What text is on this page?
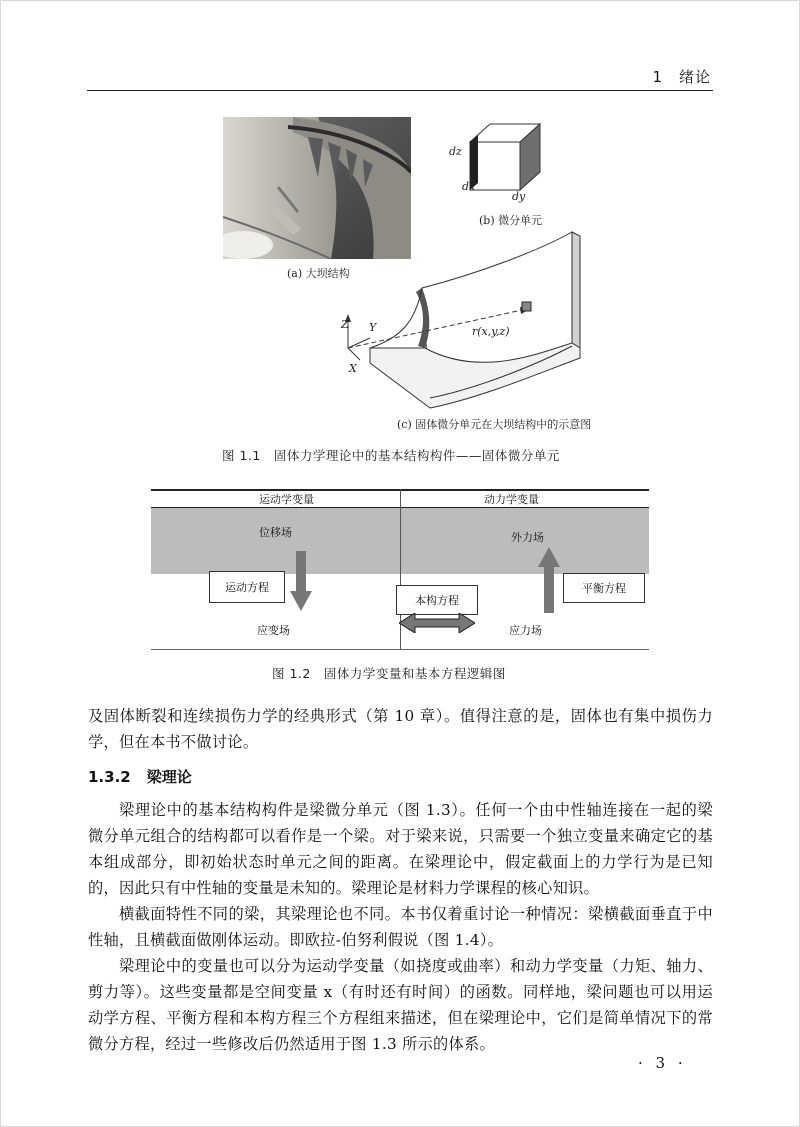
1 绪论
(a) 大坝结构
dz
dx
dy
(b) 微分单元
Z Y
X
r(x,y,z)
(c) 固体微分单元在大坝结构中的示意图
图 1.1　固体力学理论中的基本结构构件——固体微分单元
运动学变量	动力学变量
位移场	外力场
运动方程
本构方程
平衡方程
应变场	应力场
图 1.2　固体力学变量和基本方程逻辑图
及固体断裂和连续损伤力学的经典形式（第 10 章）。值得注意的是，固体也有集中损伤力学，但在本书不做讨论。
1.3.2 梁理论
梁理论中的基本结构构件是梁微分单元（图 1.3）。任何一个由中性轴连接在一起的梁微分单元组合的结构都可以看作是一个梁。对于梁来说，只需要一个独立变量来确定它的基本组成部分，即初始状态时单元之间的距离。在梁理论中，假定截面上的力学行为是已知的，因此只有中性轴的变量是未知的。梁理论是材料力学课程的核心知识。
横截面特性不同的梁，其梁理论也不同。本书仅着重讨论一种情况：梁横截面垂直于中性轴，且横截面做刚体运动。即欧拉-伯努利假说（图 1.4）。
梁理论中的变量也可以分为运动学变量（如挠度或曲率）和动力学变量（力矩、轴力、剪力等）。这些变量都是空间变量 x（有时还有时间）的函数。同样地，梁问题也可以用运动学方程、平衡方程和本构方程三个方程组来描述，但在梁理论中，它们是简单情况下的常微分方程，经过一些修改后仍然适用于图 1.3 所示的体系。
· 3 ·
